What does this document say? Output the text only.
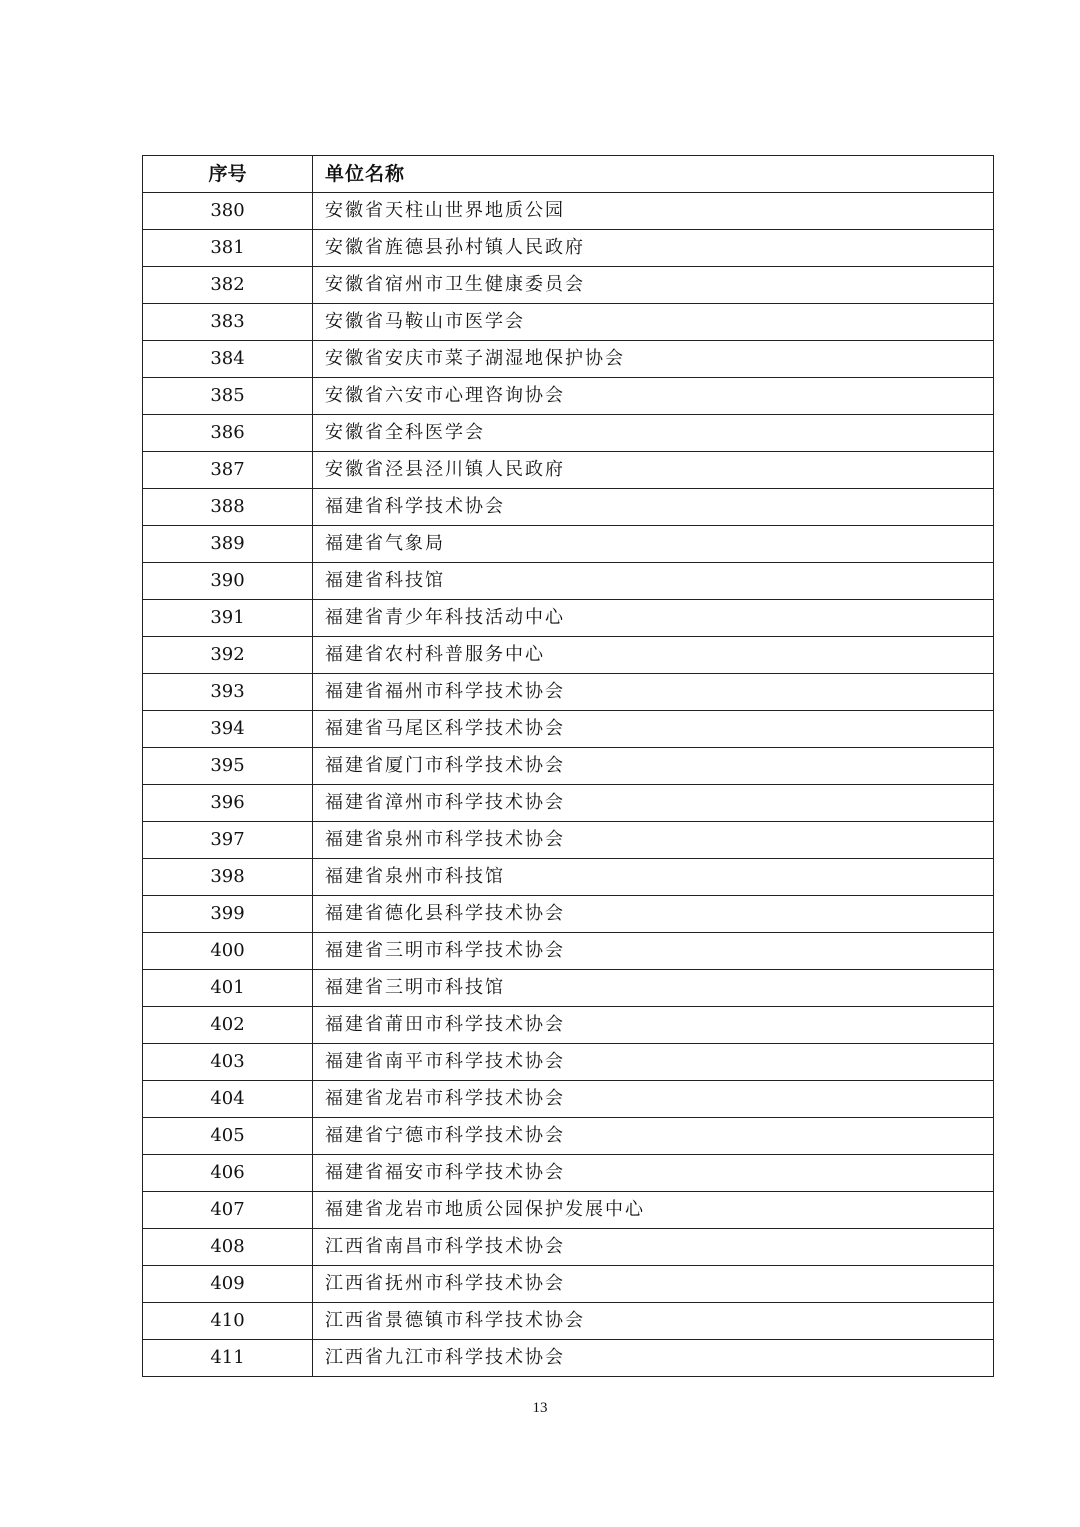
序号	单位名称
380	安徽省天柱山世界地质公园
381	安徽省旌德县孙村镇人民政府
382	安徽省宿州市卫生健康委员会
383	安徽省马鞍山市医学会
384	安徽省安庆市菜子湖湿地保护协会
385	安徽省六安市心理咨询协会
386	安徽省全科医学会
387	安徽省泾县泾川镇人民政府
388	福建省科学技术协会
389	福建省气象局
390	福建省科技馆
391	福建省青少年科技活动中心
392	福建省农村科普服务中心
393	福建省福州市科学技术协会
394	福建省马尾区科学技术协会
395	福建省厦门市科学技术协会
396	福建省漳州市科学技术协会
397	福建省泉州市科学技术协会
398	福建省泉州市科技馆
399	福建省德化县科学技术协会
400	福建省三明市科学技术协会
401	福建省三明市科技馆
402	福建省莆田市科学技术协会
403	福建省南平市科学技术协会
404	福建省龙岩市科学技术协会
405	福建省宁德市科学技术协会
406	福建省福安市科学技术协会
407	福建省龙岩市地质公园保护发展中心
408	江西省南昌市科学技术协会
409	江西省抚州市科学技术协会
410	江西省景德镇市科学技术协会
411	江西省九江市科学技术协会
13
